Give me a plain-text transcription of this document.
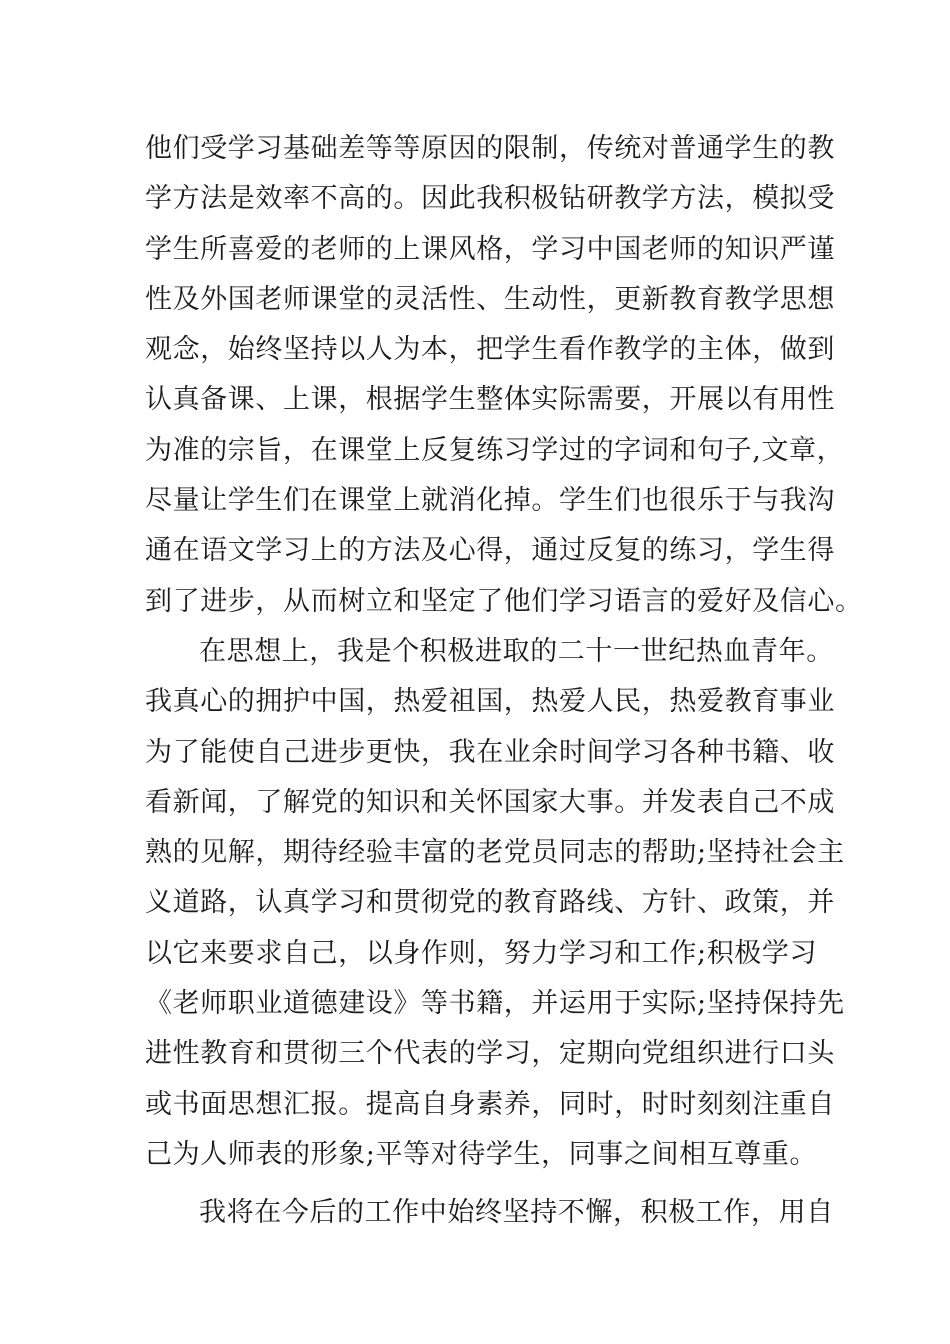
他们受学习基础差等等原因的限制，传统对普通学生的教
学方法是效率不高的。因此我积极钻研教学方法，模拟受
学生所喜爱的老师的上课风格，学习中国老师的知识严谨
性及外国老师课堂的灵活性、生动性，更新教育教学思想
观念，始终坚持以人为本，把学生看作教学的主体，做到
认真备课、上课，根据学生整体实际需要，开展以有用性
为准的宗旨，在课堂上反复练习学过的字词和句子,文章，
尽量让学生们在课堂上就消化掉。学生们也很乐于与我沟
通在语文学习上的方法及心得，通过反复的练习，学生得
到了进步，从而树立和坚定了他们学习语言的爱好及信心。
在思想上，我是个积极进取的二十一世纪热血青年。
我真心的拥护中国，热爱祖国，热爱人民，热爱教育事业
为了能使自己进步更快，我在业余时间学习各种书籍、收
看新闻，了解党的知识和关怀国家大事。并发表自己不成
熟的见解，期待经验丰富的老党员同志的帮助;坚持社会主
义道路，认真学习和贯彻党的教育路线、方针、政策，并
以它来要求自己，以身作则，努力学习和工作;积极学习
《老师职业道德建设》等书籍，并运用于实际;坚持保持先
进性教育和贯彻三个代表的学习，定期向党组织进行口头
或书面思想汇报。提高自身素养，同时，时时刻刻注重自
己为人师表的形象;平等对待学生，同事之间相互尊重。
我将在今后的工作中始终坚持不懈，积极工作，用自
